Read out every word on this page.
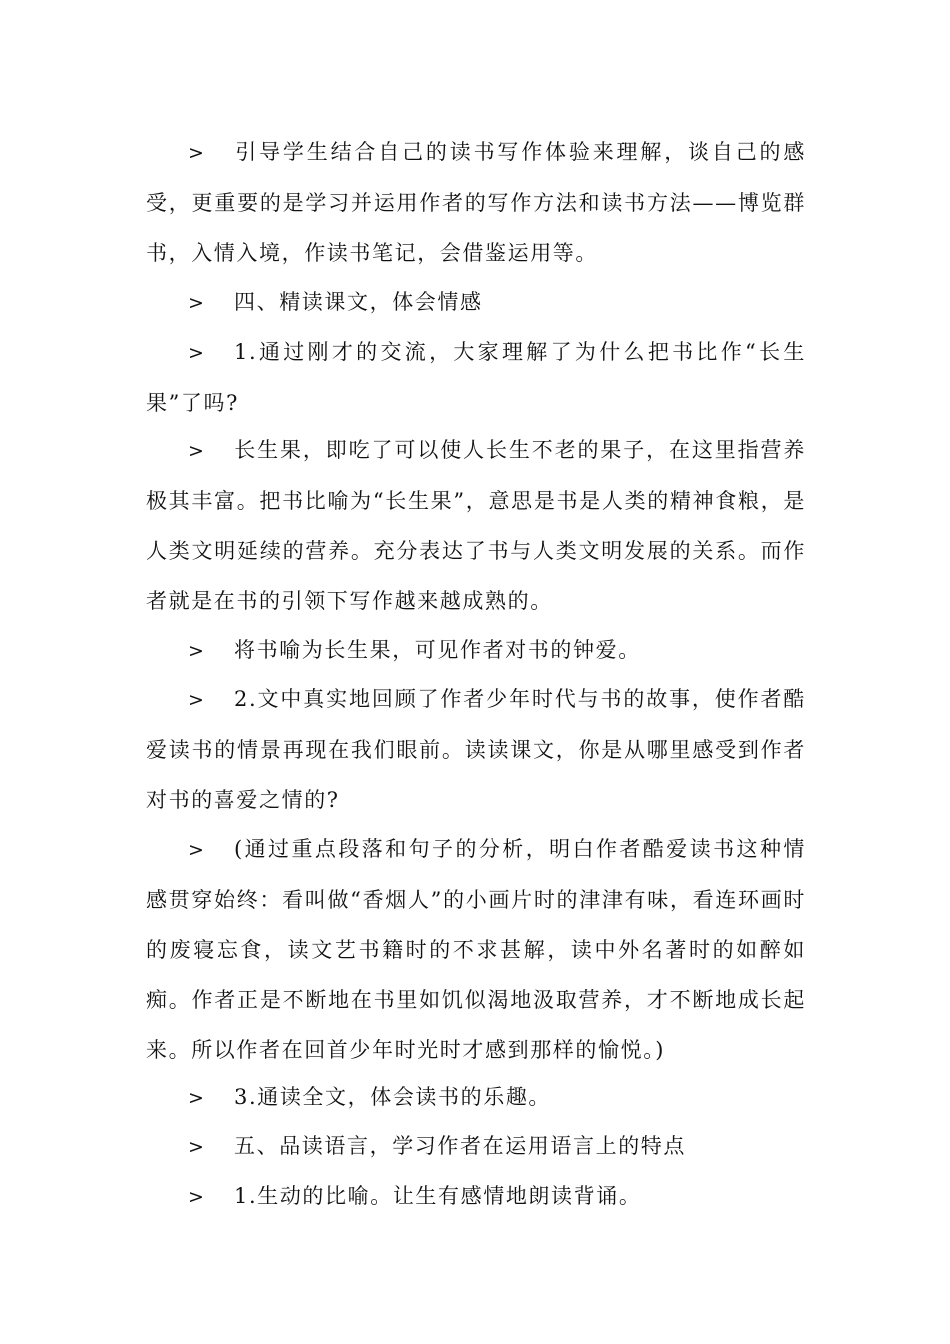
> 引导学生结合自己的读书写作体验来理解，谈自己的感受，更重要的是学习并运用作者的写作方法和读书方法——博览群书，入情入境，作读书笔记，会借鉴运用等。

> 四、精读课文，体会情感

> 1.通过刚才的交流，大家理解了为什么把书比作“长生果”了吗?

> 长生果，即吃了可以使人长生不老的果子，在这里指营养极其丰富。把书比喻为“长生果”，意思是书是人类的精神食粮，是人类文明延续的营养。充分表达了书与人类文明发展的关系。而作者就是在书的引领下写作越来越成熟的。

> 将书喻为长生果，可见作者对书的钟爱。

> 2.文中真实地回顾了作者少年时代与书的故事，使作者酷爱读书的情景再现在我们眼前。读读课文，你是从哪里感受到作者对书的喜爱之情的?

> (通过重点段落和句子的分析，明白作者酷爱读书这种情感贯穿始终：看叫做“香烟人”的小画片时的津津有味，看连环画时的废寝忘食，读文艺书籍时的不求甚解，读中外名著时的如醉如痴。作者正是不断地在书里如饥似渴地汲取营养，才不断地成长起来。所以作者在回首少年时光时才感到那样的愉悦。)

> 3.通读全文，体会读书的乐趣。

> 五、品读语言，学习作者在运用语言上的特点

> 1.生动的比喻。让生有感情地朗读背诵。
